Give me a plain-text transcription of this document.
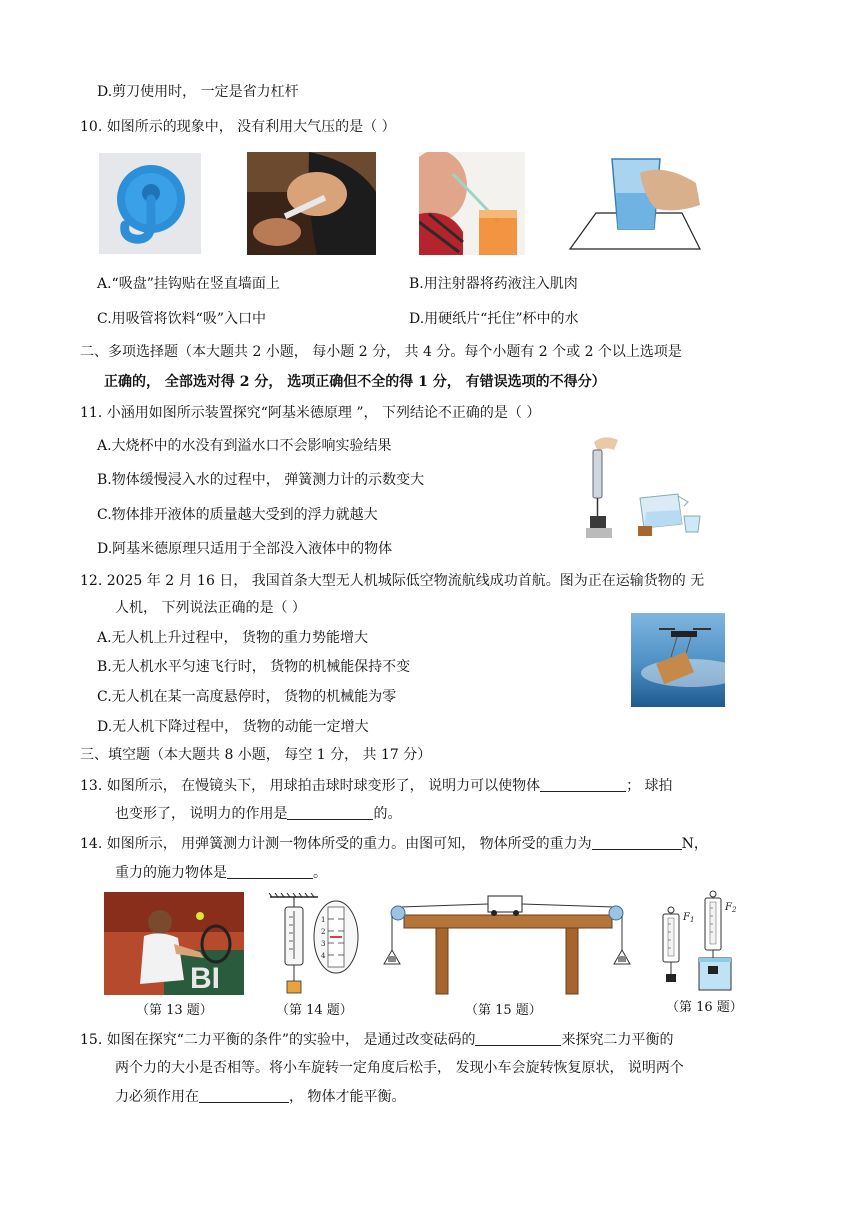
D.剪刀使用时， 一定是省力杠杆
10. 如图所示的现象中， 没有利用大气压的是（ ）
A.“吸盘”挂钩贴在竖直墙面上	B.用注射器将药液注入肌肉
C.用吸管将饮料“吸”入口中	D.用硬纸片“托住”杯中的水
二、多项选择题（本大题共 2 小题， 每小题 2 分， 共 4 分。每个小题有 2 个或 2 个以上选项是
正确的， 全部选对得 2 分， 选项正确但不全的得 1 分， 有错误选项的不得分）
11. 小涵用如图所示装置探究“阿基米德原理 ”， 下列结论不正确的是（ ）
A.大烧杯中的水没有到溢水口不会影响实验结果
B.物体缓慢浸入水的过程中， 弹簧测力计的示数变大
C.物体排开液体的质量越大受到的浮力就越大
D.阿基米德原理只适用于全部没入液体中的物体
12. 2025 年 2 月 16 日， 我国首条大型无人机城际低空物流航线成功首航。图为正在运输货物的 无
人机， 下列说法正确的是（ ）
A.无人机上升过程中， 货物的重力势能增大
B.无人机水平匀速飞行时， 货物的机械能保持不变
C.无人机在某一高度悬停时， 货物的机械能为零
D.无人机下降过程中， 货物的动能一定增大
三、填空题（本大题共 8 小题， 每空 1 分， 共 17 分）
13. 如图所示， 在慢镜头下， 用球拍击球时球变形了， 说明力可以使物体	； 球拍
也变形了， 说明力的作用是	的。
14. 如图所示， 用弹簧测力计测一物体所受的重力。由图可知， 物体所受的重力为	N，
重力的施力物体是	。
BI
（第 13 题）
1
2
3
4
（第 14 题）	（第 15 题）
$F_1$
$F_2$
（第 16 题）
15. 如图在探究“二力平衡的条件”的实验中， 是通过改变砝码的	来探究二力平衡的
两个力的大小是否相等。将小车旋转一定角度后松手， 发现小车会旋转恢复原状， 说明两个
力必须作用在	， 物体才能平衡。
